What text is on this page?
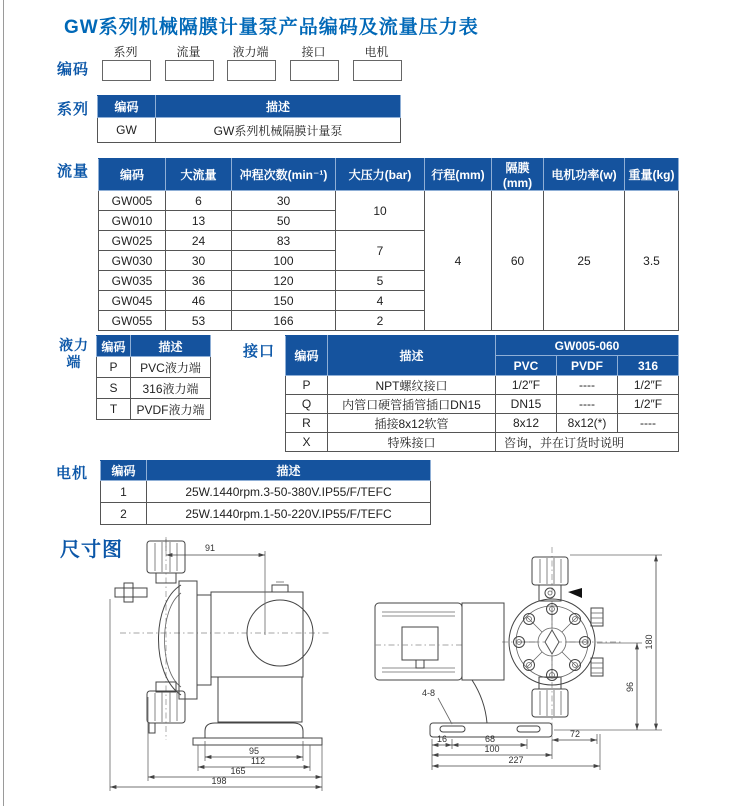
GW系列机械隔膜计量泵产品编码及流量压力表
编码
系列	流量	液力端	接口	电机
系列 编码	描述
GW	GW系列机械隔膜计量泵
流量	编码	大流量	冲程次数(min⁻¹)	大压力(bar)	行程(mm)	隔膜(mm)	电机功率(w)	重量(kg)
GW005	6	30	10	4	60	25	3.5
GW010	13	50					
GW025	24	83	7				
GW030	30	100					
GW035	36	120	5				
GW045	46	150	4				
GW055	53	166	2				
液力
端
编码	描述
P	PVC液力端
S	316液力端
T	PVDF液力端
接口 编码	描述	GW005-060		
		PVC	PVDF	316
P	NPT螺纹接口	1/2″F	----	1/2″F
Q	内管口硬管插管插口DN15	DN15	----	1/2″F
R	插接8x12软管	8x12	8x12(*)	----
X	特殊接口	咨询，并在订货时说明		
电机 编码	描述
1	25W.1440rpm.3-50-380V.IP55/F/TEFC
2	25W.1440rpm.1-50-220V.IP55/F/TEFC
尺寸图	91
95
112
165
198
4-8
16	68
100
227
72
96
180
